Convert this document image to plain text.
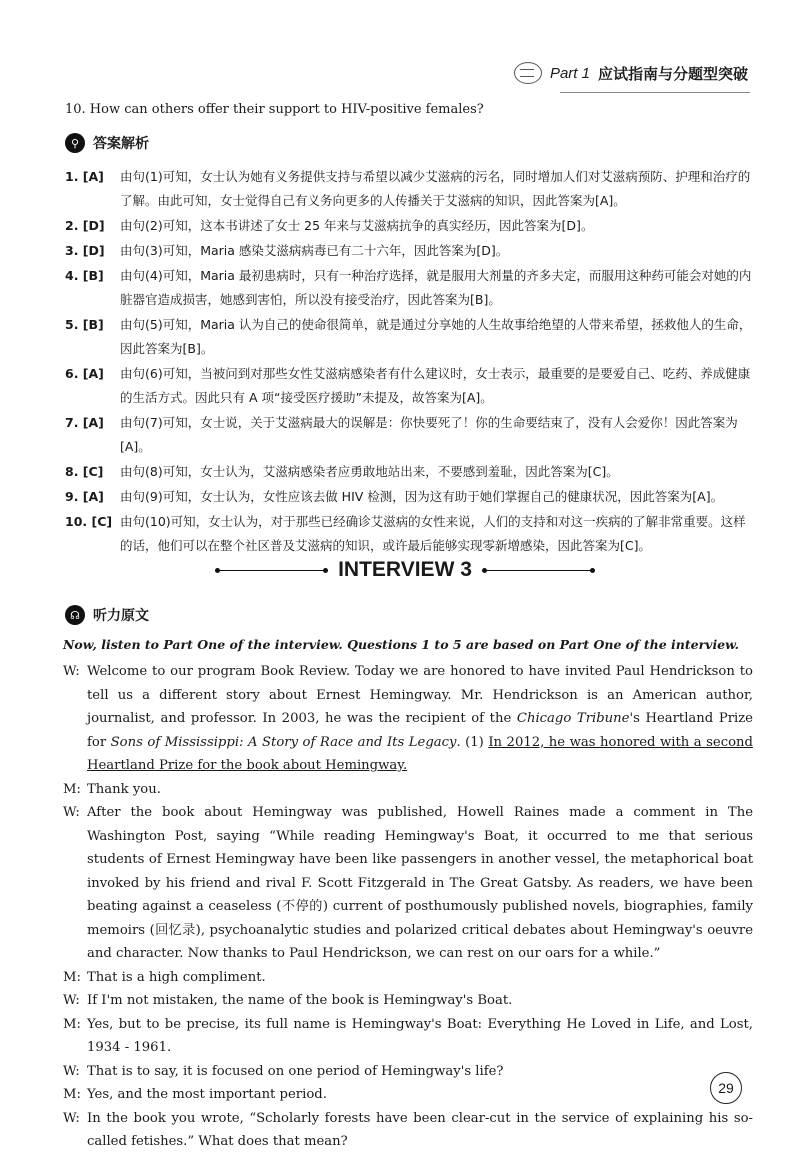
Part 1 应试指南与分题型突破
10. How can others offer their support to HIV-positive females?
⚲ 答案解析
1. [A]	由句(1)可知，女士认为她有义务提供支持与希望以减少艾滋病的污名，同时增加人们对艾滋病预防、护理和治疗的了解。由此可知，女士觉得自己有义务向更多的人传播关于艾滋病的知识，因此答案为[A]。
2. [D]	由句(2)可知，这本书讲述了女士 25 年来与艾滋病抗争的真实经历，因此答案为[D]。
3. [D]	由句(3)可知，Maria 感染艾滋病病毒已有二十六年，因此答案为[D]。
4. [B]	由句(4)可知，Maria 最初患病时，只有一种治疗选择，就是服用大剂量的齐多夫定，而服用这种药可能会对她的内脏器官造成损害，她感到害怕，所以没有接受治疗，因此答案为[B]。
5. [B]	由句(5)可知，Maria 认为自己的使命很简单，就是通过分享她的人生故事给绝望的人带来希望，拯救他人的生命，因此答案为[B]。
6. [A]	由句(6)可知，当被问到对那些女性艾滋病感染者有什么建议时，女士表示，最重要的是要爱自己、吃药、养成健康的生活方式。因此只有 A 项“接受医疗援助”未提及，故答案为[A]。
7. [A]	由句(7)可知，女士说，关于艾滋病最大的误解是：你快要死了！你的生命要结束了，没有人会爱你！因此答案为[A]。
8. [C]	由句(8)可知，女士认为，艾滋病感染者应勇敢地站出来，不要感到羞耻，因此答案为[C]。
9. [A]	由句(9)可知，女士认为，女性应该去做 HIV 检测，因为这有助于她们掌握自己的健康状况，因此答案为[A]。
10. [C] 由句(10)可知，女士认为，对于那些已经确诊艾滋病的女性来说，人们的支持和对这一疾病的了解非常重要。这样的话，他们可以在整个社区普及艾滋病的知识，或许最后能够实现零新增感染，因此答案为[C]。
INTERVIEW 3
☊ 听力原文
Now, listen to Part One of the interview. Questions 1 to 5 are based on Part One of the interview.
W: Welcome to our program Book Review. Today we are honored to have invited Paul Hendrickson to tell us a different story about Ernest Hemingway. Mr. Hendrickson is an American author, journalist, and professor. In 2003, he was the recipient of the Chicago Tribune's Heartland Prize for Sons of Mississippi: A Story of Race and Its Legacy. (1) In 2012, he was honored with a second Heartland Prize for the book about Hemingway.
M: Thank you.
W: After the book about Hemingway was published, Howell Raines made a comment in The Washington Post, saying “While reading Hemingway's Boat, it occurred to me that serious students of Ernest Hemingway have been like passengers in another vessel, the metaphorical boat invoked by his friend and rival F. Scott Fitzgerald in The Great Gatsby. As readers, we have been beating against a ceaseless (不停的) current of posthumously published novels, biographies, family memoirs (回忆录), psychoanalytic studies and polarized critical debates about Hemingway's oeuvre and character. Now thanks to Paul Hendrickson, we can rest on our oars for a while.”
M: That is a high compliment.
W: If I'm not mistaken, the name of the book is Hemingway's Boat.
M: Yes, but to be precise, its full name is Hemingway's Boat: Everything He Loved in Life, and Lost, 1934 - 1961.
W: That is to say, it is focused on one period of Hemingway's life?
M: Yes, and the most important period.
W: In the book you wrote, “Scholarly forests have been clear-cut in the service of explaining his so-called fetishes.” What does that mean?
29
